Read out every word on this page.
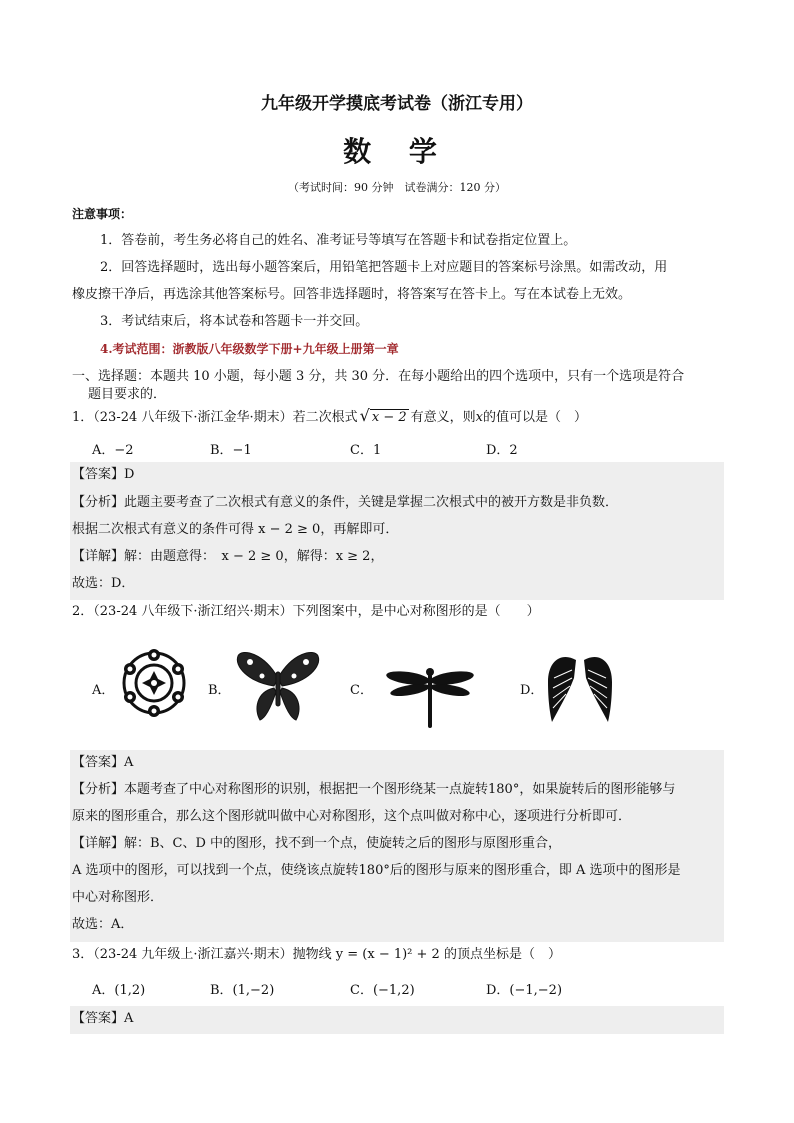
九年级开学摸底考试卷（浙江专用）
数 学
（考试时间：90 分钟　试卷满分：120 分）
注意事项：
1．答卷前，考生务必将自己的姓名、准考证号等填写在答题卡和试卷指定位置上。
2．回答选择题时，选出每小题答案后，用铅笔把答题卡上对应题目的答案标号涂黑。如需改动，用
橡皮擦干净后，再选涂其他答案标号。回答非选择题时，将答案写在答卡上。写在本试卷上无效。
3．考试结束后，将本试卷和答题卡一并交回。
4.考试范围：浙教版八年级数学下册+九年级上册第一章
一、选择题：本题共 10 小题，每小题 3 分，共 30 分．在每小题给出的四个选项中，只有一个选项是符合
题目要求的．
1．（23-24 八年级下·浙江金华·期末）若二次根式 √ x − 2 有意义，则x的值可以是（　）
A．−2	B．−1	C．1	D．2
【答案】D
【分析】此题主要考查了二次根式有意义的条件，关键是掌握二次根式中的被开方数是非负数．
根据二次根式有意义的条件可得 x − 2 ≥ 0，再解即可．
【详解】解：由题意得：　x − 2 ≥ 0，解得：x ≥ 2，
故选：D．
2．（23-24 八年级下·浙江绍兴·期末）下列图案中，是中心对称图形的是（　　）
A．	B．	C．	D．
【答案】A
【分析】本题考查了中心对称图形的识别，根据把一个图形绕某一点旋转180°，如果旋转后的图形能够与
原来的图形重合，那么这个图形就叫做中心对称图形，这个点叫做对称中心，逐项进行分析即可．
【详解】解：B、C、D 中的图形，找不到一个点，使旋转之后的图形与原图形重合，
A 选项中的图形，可以找到一个点，使绕该点旋转180°后的图形与原来的图形重合，即 A 选项中的图形是
中心对称图形．
故选：A．
3．（23-24 九年级上·浙江嘉兴·期末）抛物线 y = (x − 1)² + 2 的顶点坐标是（　）
A．(1,2)	B．(1,−2)	C．(−1,2)	D．(−1,−2)
【答案】A
